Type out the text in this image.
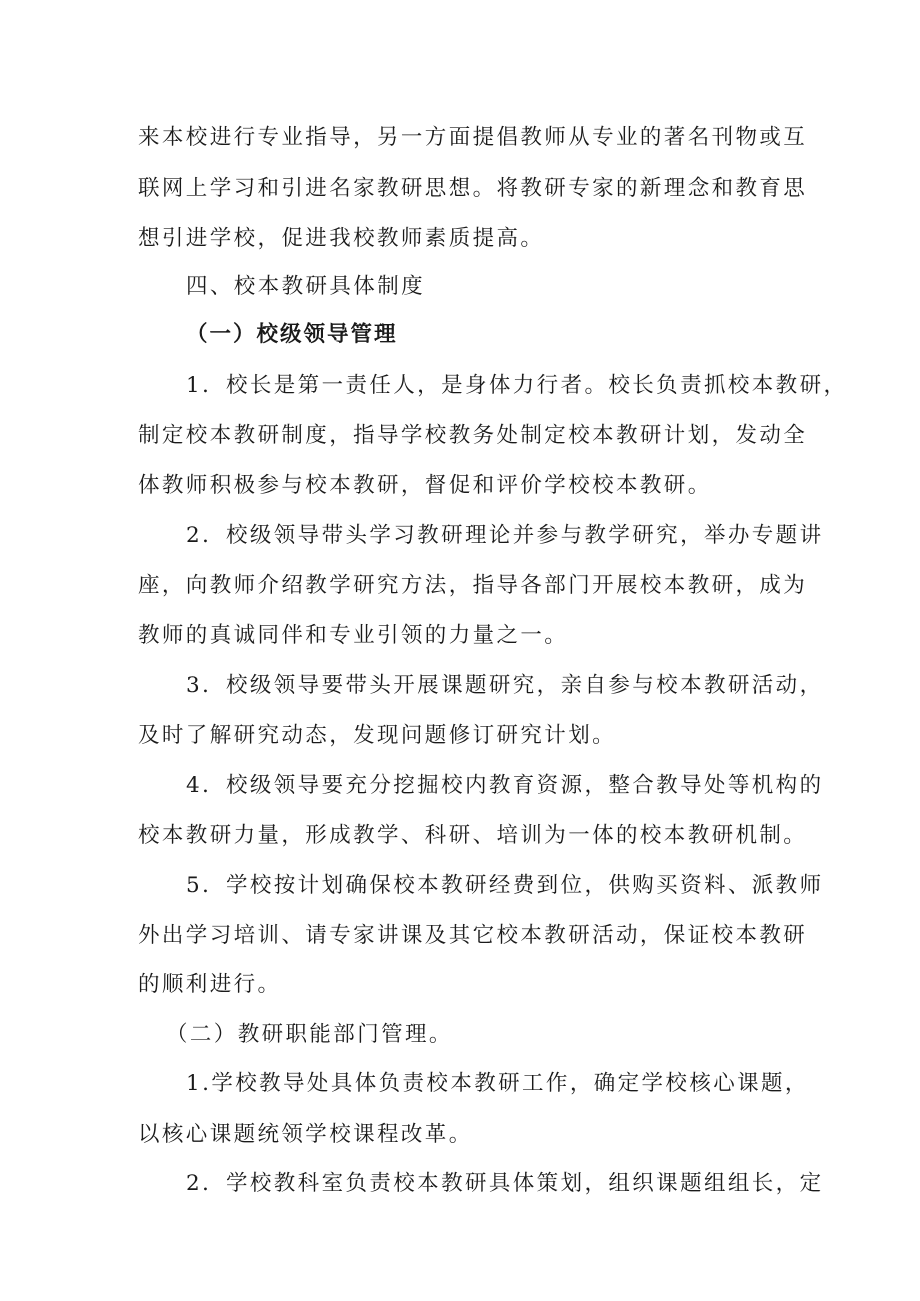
来本校进行专业指导，另一方面提倡教师从专业的著名刊物或互
联网上学习和引进名家教研思想。将教研专家的新理念和教育思
想引进学校，促进我校教师素质提高。
四、校本教研具体制度
（一）校级领导管理
1．校长是第一责任人，是身体力行者。校长负责抓校本教研，
制定校本教研制度，指导学校教务处制定校本教研计划，发动全
体教师积极参与校本教研，督促和评价学校校本教研。
2．校级领导带头学习教研理论并参与教学研究，举办专题讲
座，向教师介绍教学研究方法，指导各部门开展校本教研，成为
教师的真诚同伴和专业引领的力量之一。
3．校级领导要带头开展课题研究，亲自参与校本教研活动，
及时了解研究动态，发现问题修订研究计划。
4．校级领导要充分挖掘校内教育资源，整合教导处等机构的
校本教研力量，形成教学、科研、培训为一体的校本教研机制。
5．学校按计划确保校本教研经费到位，供购买资料、派教师
外出学习培训、请专家讲课及其它校本教研活动，保证校本教研
的顺利进行。
（二）教研职能部门管理。
1.学校教导处具体负责校本教研工作，确定学校核心课题，
以核心课题统领学校课程改革。
2．学校教科室负责校本教研具体策划，组织课题组组长，定
